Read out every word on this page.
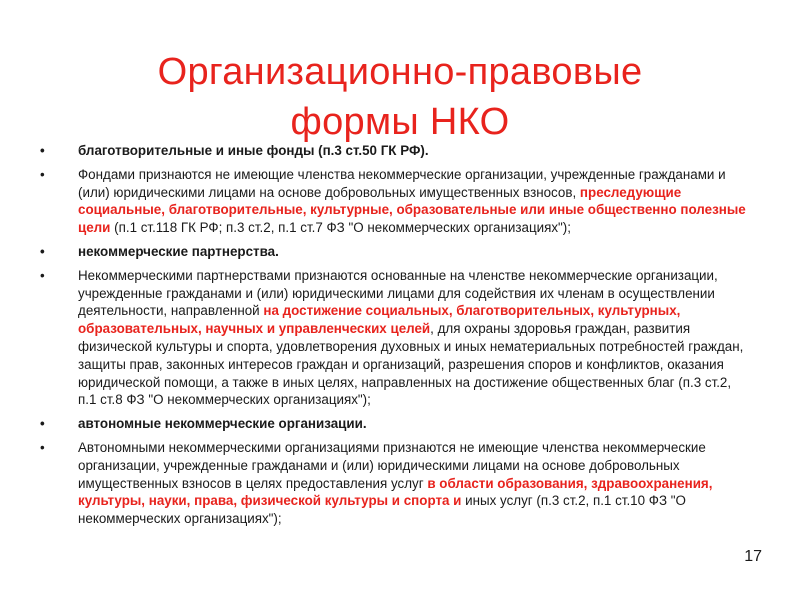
Организационно-правовые
формы НКО
•	благотворительные и иные фонды (п.3 ст.50 ГК РФ).
•	Фондами признаются не имеющие членства некоммерческие организации, учрежденные гражданами и (или) юридическими лицами на основе добровольных имущественных взносов, преследующие социальные, благотворительные, культурные, образовательные или иные общественно полезные цели (п.1 ст.118 ГК РФ; п.3 ст.2, п.1 ст.7 ФЗ "О некоммерческих организациях");
•	некоммерческие партнерства.
•	Некоммерческими партнерствами признаются основанные на членстве некоммерческие организации, учрежденные гражданами и (или) юридическими лицами для содействия их членам в осуществлении деятельности, направленной на достижение социальных, благотворительных, культурных, образовательных, научных и управленческих целей, для охраны здоровья граждан, развития физической культуры и спорта, удовлетворения духовных и иных нематериальных потребностей граждан, защиты прав, законных интересов граждан и организаций, разрешения споров и конфликтов, оказания юридической помощи, а также в иных целях, направленных на достижение общественных благ (п.3 ст.2, п.1 ст.8 ФЗ "О некоммерческих организациях");
•	автономные некоммерческие организации.
•	Автономными некоммерческими организациями признаются не имеющие членства некоммерческие организации, учрежденные гражданами и (или) юридическими лицами на основе добровольных имущественных взносов в целях предоставления услуг в области образования, здравоохранения, культуры, науки, права, физической культуры и спорта и иных услуг (п.3 ст.2, п.1 ст.10 ФЗ "О некоммерческих организациях");
17
